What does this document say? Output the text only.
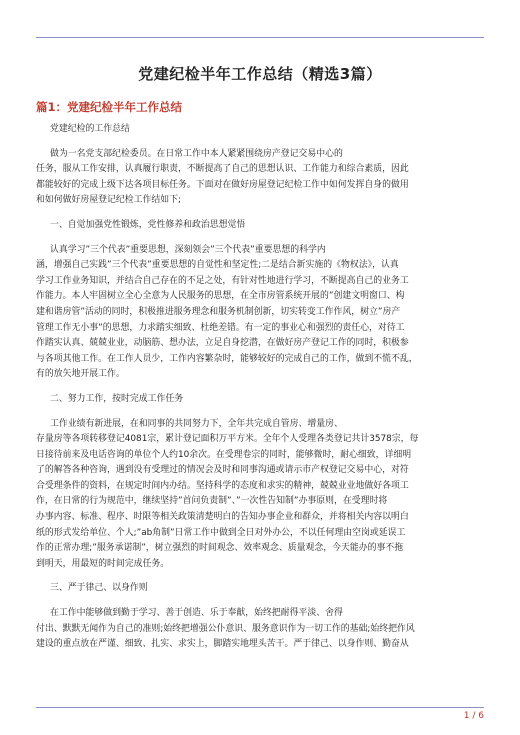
党建纪检半年工作总结（精选3篇）
篇1：党建纪检半年工作总结
党建纪检的工作总结
做为一名党支部纪检委员。在日常工作中本人紧紧围绕房产登记交易中心的
任务，服从工作安排，认真履行职责，不断提高了自己的思想认识、工作能力和综合素质，因此
都能较好的完成上级下达各项目标任务。下面对在做好房屋登记纪检工作中如何发挥自身的做用
和如何做好房屋登记纪检工作结如下;
一、自觉加强党性锻炼，党性修养和政治思想觉悟
认真学习”三个代表”重要思想，深刻领会”三个代表”重要思想的科学内
涵，增强自己实践”三个代表”重要思想的自觉性和坚定性;二是结合新实施的《物权法》，认真
学习工作业务知识，并结合自己存在的不足之处，有针对性地进行学习，不断提高自己的业务工
作能力。本人牢固树立全心全意为人民服务的思想，在全市房管系统开展的”创建文明窗口、构
建和谐房管”活动的同时，积极推进服务理念和服务机制创新，切实转变工作作风，树立”房产
管理工作无小事”的思想，力求踏实细致、杜绝差错。有一定的事业心和强烈的责任心，对待工
作踏实认真、兢兢业业，动脑筋、想办法，立足自身挖潜，在做好房产登记工作的同时，积极参
与各项其他工作。在工作人员少，工作内容繁杂时，能够较好的完成自己的工作，做到不慌不乱，
有的放矢地开展工作。
二、努力工作，按时完成工作任务
工作业绩有新进展，在和同事的共同努力下，全年共完成自管房、增量房、
存量房等各项转移登记4081宗，累计登记面积万平方米。全年个人受理各类登记共计3578宗，每
日接待前来及电话咨询的单位个人约10余次。在受理卷宗的同时，能够微时，耐心细致，详细明
了的解答各种咨询，遇到没有受理过的情况会及时和同事沟通或请示市产权登记交易中心，对符
合受理条件的资料，在规定时间内办结。坚持科学的态度和求实的精神，兢兢业业地做好各项工
作，在日常的行为规范中，继续坚持”首问负责制”、”一次性告知制”办事原则，在受理时将
办事内容、标准、程序、时限等相关政策清楚明白的告知办事企业和群众，并将相关内容以明白
纸的形式发给单位、个人;”ab角制”日常工作中做到全日对外办公，不以任何理由空岗或延误工
作的正常办理;”服务承诺制”，树立强烈的时间观念、效率观念、质量观念，今天能办的事不拖
到明天，用最短的时间完成任务。
三、严于律己、以身作则
在工作中能够做到勤于学习、善于创造、乐于奉献，始终把耐得平淡、舍得
付出、默默无闻作为自己的准则;始终把增强公仆意识、服务意识作为一切工作的基础;始终把作风
建设的重点放在严谨、细致、扎实、求实上，脚踏实地埋头苦干。严于律己、以身作则、勤奋从
1 / 6
